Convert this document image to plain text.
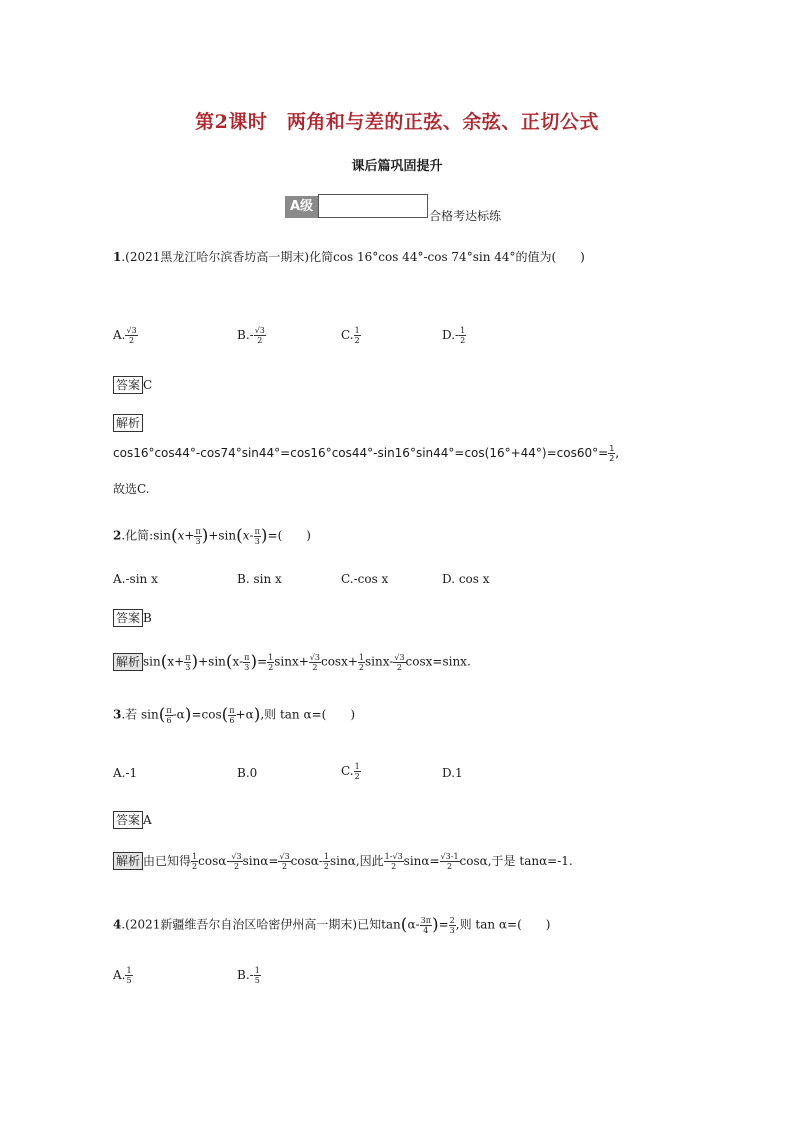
第2课时　两角和与差的正弦、余弦、正切公式
课后篇巩固提升
A级
合格考达标练
1.(2021黑龙江哈尔滨香坊高一期末)化简cos 16°cos 44°-cos 74°sin 44°的值为(　　)
A. $\frac{√3}{2}$	$B.- \frac{√3}{2}$	C. $\frac{1}{2}$	$D.- \frac{1}{2}$
答案 C
解析
$\cos 16^\circ\cos 44^\circ-\cos 74^\circ\sin 44^\circ=\cos 16^\circ\cos 44^\circ-\sin 16^\circ\sin 44^\circ=\cos(16^\circ+44^\circ)=\cos 60^\circ= \frac{1}{2}$ ,
故选C.
2.化简:sin(x+ $\frac{\pi}{3} )+\sin(x- \frac{\pi}{3}$ )=(　　)
A.-sin x	B. sin x	C.-cos x	D. cos x
答案 B
解析 $\sin(x+ \frac{\pi}{3} )+\sin(x- \frac{\pi}{3}$ )= $\frac{1}{2} \sin x+ \frac{√3}{2} \cos x+ \frac{1}{2} \sin x- \frac{√3}{2} \cos x=\sin x$.
3.若 $\sin( \frac{\pi}{6} -\alpha)=\cos( \frac{\pi}{6} +\alpha)$,则 tan α=(　　)
A.-1	B.0	C. $\frac{1}{2}$	D.1
答案 A
解析 由已知得 $\frac{1}{2} \cos\alpha- \frac{√3}{2} \sin\alpha= \frac{√3}{2} \cos\alpha- \frac{1}{2} \sin\alpha$,因此 $\frac{1-√3}{2} \sin\alpha= \frac{√3-1}{2} \cos\alpha$,于是 tanα=-1.
4.(2021新疆维吾尔自治区哈密伊州高一期末)已知$\tan(\alpha- \frac{3\pi}{4}$ )= $\frac{2}{3}$ ,则 tan α=(　　)
A. $\frac{1}{5}$	$B.- \frac{1}{5}$
